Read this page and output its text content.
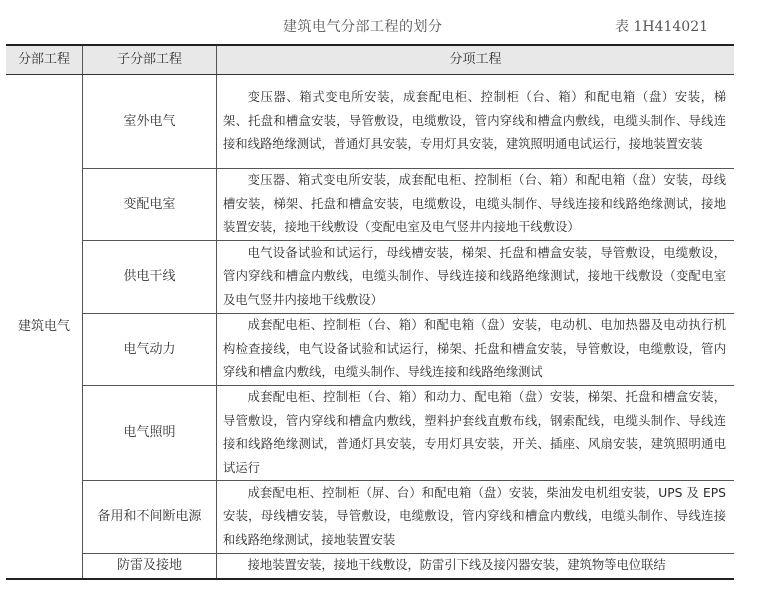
建筑电气分部工程的划分	表 1H414021
分部工程	子分部工程	分项工程
建筑电气	室外电气	变压器、箱式变电所安装，成套配电柜、控制柜（台、箱）和配电箱（盘）安装，梯架、托盘和槽盒安装，导管敷设，电缆敷设，管内穿线和槽盒内敷线，电缆头制作、导线连接和线路绝缘测试，普通灯具安装，专用灯具安装，建筑照明通电试运行，接地装置安装

	变配电室	变压器、箱式变电所安装，成套配电柜、控制柜（台、箱）和配电箱（盘）安装，母线槽安装，梯架、托盘和槽盒安装，电缆敷设，电缆头制作、导线连接和线路绝缘测试，接地装置安装，接地干线敷设（变配电室及电气竖井内接地干线敷设）

	供电干线	电气设备试验和试运行，母线槽安装，梯架、托盘和槽盒安装，导管敷设，电缆敷设，管内穿线和槽盒内敷线，电缆头制作、导线连接和线路绝缘测试，接地干线敷设（变配电室及电气竖井内接地干线敷设）

	电气动力	成套配电柜、控制柜（台、箱）和配电箱（盘）安装，电动机、电加热器及电动执行机构检查接线，电气设备试验和试运行，梯架、托盘和槽盒安装，导管敷设，电缆敷设，管内穿线和槽盒内敷线，电缆头制作、导线连接和线路绝缘测试

	电气照明	成套配电柜、控制柜（台、箱）和动力、配电箱（盘）安装，梯架、托盘和槽盒安装，导管敷设，管内穿线和槽盒内敷线，塑料护套线直敷布线，钢索配线，电缆头制作、导线连接和线路绝缘测试，普通灯具安装，专用灯具安装，开关、插座、风扇安装，建筑照明通电试运行

	备用和不间断电源	成套配电柜、控制柜（屏、台）和配电箱（盘）安装，柴油发电机组安装，UPS 及 EPS 安装，母线槽安装，导管敷设，电缆敷设，管内穿线和槽盒内敷线，电缆头制作、导线连接和线路绝缘测试，接地装置安装

	防雷及接地	接地装置安装，接地干线敷设，防雷引下线及接闪器安装，建筑物等电位联结
